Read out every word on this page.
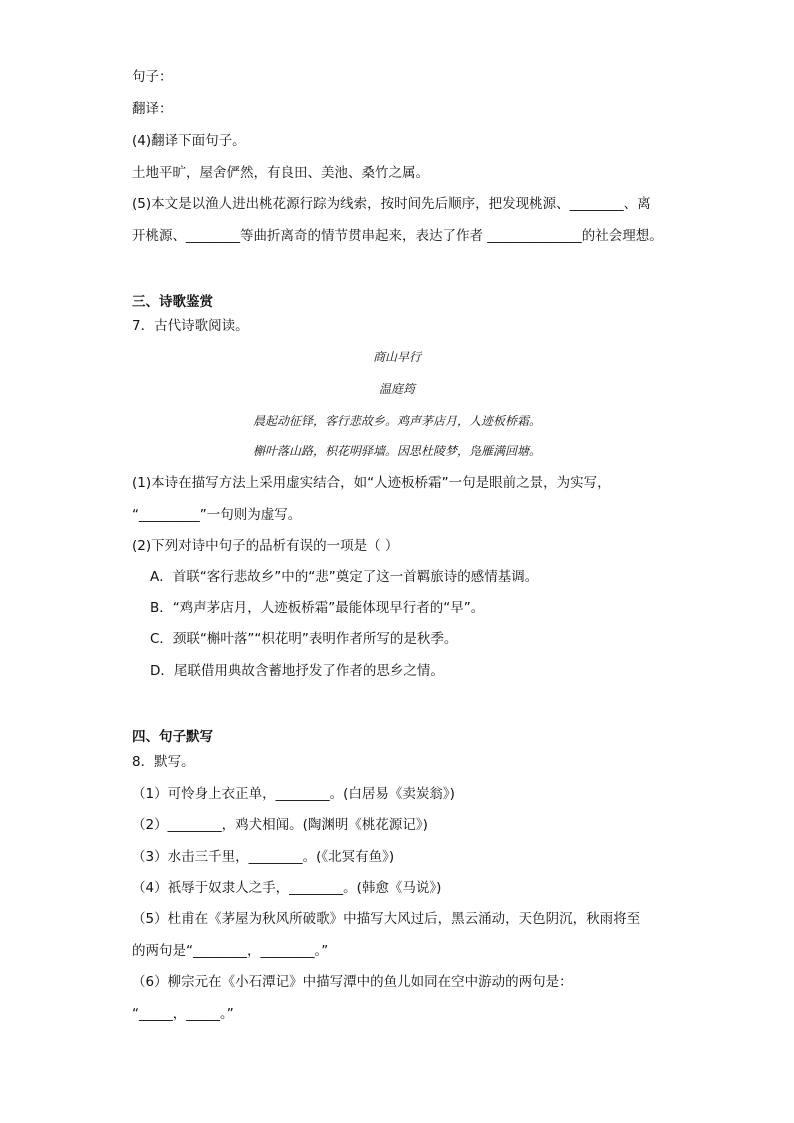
句子：
翻译：
(4)翻译下面句子。
土地平旷，屋舍俨然，有良田、美池、桑竹之属。
(5)本文是以渔人进出桃花源行踪为线索，按时间先后顺序，把发现桃源、________、离
开桃源、________等曲折离奇的情节贯串起来，表达了作者 ______________的社会理想。
三、诗歌鉴赏
7．古代诗歌阅读。
商山早行
温庭筠
晨起动征铎，客行悲故乡。鸡声茅店月，人迹板桥霜。
槲叶落山路，枳花明驿墙。因思杜陵梦，凫雁满回塘。
(1)本诗在描写方法上采用虚实结合，如“人迹板桥霜”一句是眼前之景，为实写，
“_________”一句则为虚写。
(2)下列对诗中句子的品析有误的一项是（ ）
A．首联“客行悲故乡”中的“悲”奠定了这一首羁旅诗的感情基调。
B．“鸡声茅店月，人迹板桥霜”最能体现早行者的“早”。
C．颈联“槲叶落”“枳花明”表明作者所写的是秋季。
D．尾联借用典故含蓄地抒发了作者的思乡之情。
四、句子默写
8．默写。
（1）可怜身上衣正单，________。(白居易《卖炭翁》)
（2）________，鸡犬相闻。(陶渊明《桃花源记》)
（3）水击三千里，________。(《北冥有鱼》)
（4）祇辱于奴隶人之手，________。(韩愈《马说》)
（5）杜甫在《茅屋为秋风所破歌》中描写大风过后，黑云涌动，天色阴沉，秋雨将至
的两句是“________，________。”
（6）柳宗元在《小石潭记》中描写潭中的鱼儿如同在空中游动的两句是：
“_____，_____。”
